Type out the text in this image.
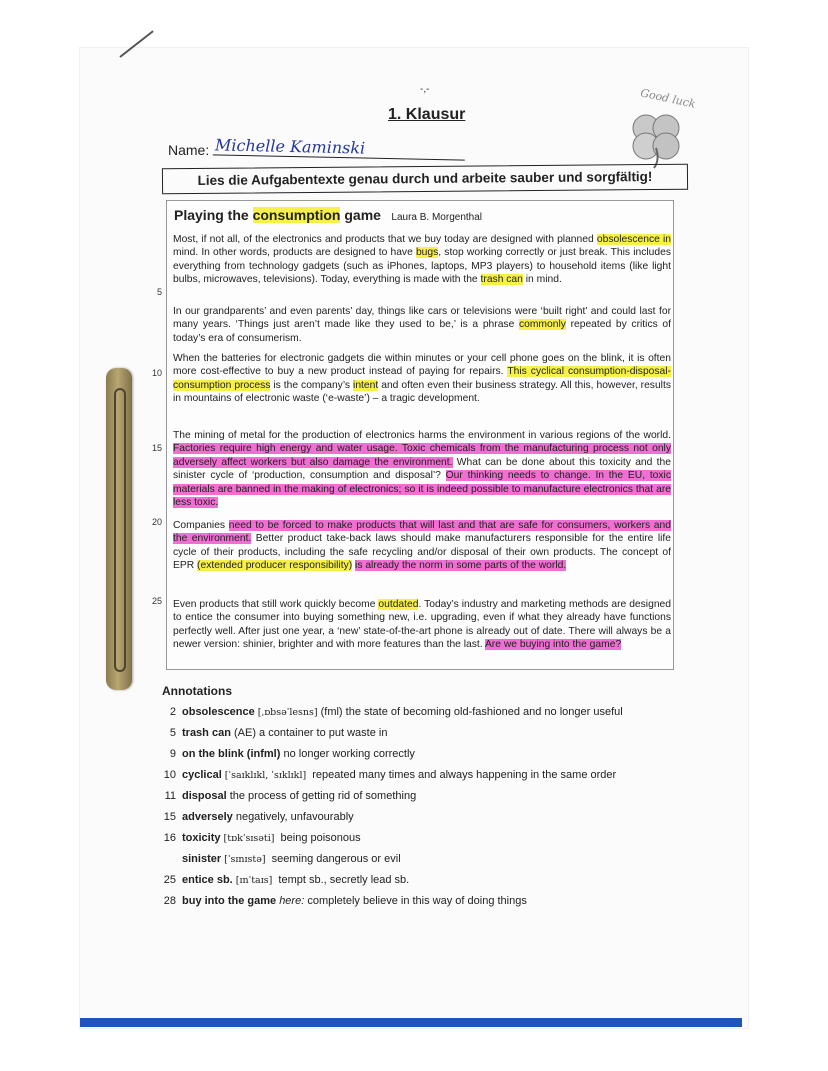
-,-
1. Klausur
Good luck
Name: Michelle Kaminski
Lies die Aufgabentexte genau durch und arbeite sauber und sorgfältig!
Playing the consumption game Laura B. Morgenthal
Most, if not all, of the electronics and products that we buy today are designed with planned obsolescence in mind. In other words, products are designed to have bugs, stop working correctly or just break. This includes everything from technology gadgets (such as iPhones, laptops, MP3 players) to household items (like light bulbs, microwaves, televisions). Today, everything is made with the trash can in mind.
In our grandparents’ and even parents’ day, things like cars or televisions were ‘built right’ and could last for many years. ‘Things just aren’t made like they used to be,’ is a phrase commonly repeated by critics of today’s era of consumerism.
When the batteries for electronic gadgets die within minutes or your cell phone goes on the blink, it is often more cost-effective to buy a new product instead of paying for repairs. This cyclical consumption-disposal-consumption process is the company’s intent and often even their business strategy. All this, however, results in mountains of electronic waste (‘e-waste’) – a tragic development.
The mining of metal for the production of electronics harms the environment in various regions of the world. Factories require high energy and water usage. Toxic chemicals from the manufacturing process not only adversely affect workers but also damage the environment. What can be done about this toxicity and the sinister cycle of ‘production, consumption and disposal’? Our thinking needs to change. In the EU, toxic materials are banned in the making of electronics; so it is indeed possible to manufacture electronics that are less toxic.
Companies need to be forced to make products that will last and that are safe for consumers, workers and the environment. Better product take-back laws should make manufacturers responsible for the entire life cycle of their products, including the safe recycling and/or disposal of their own products. The concept of EPR (extended producer responsibility) is already the norm in some parts of the world.
Even products that still work quickly become outdated. Today’s industry and marketing methods are designed to entice the consumer into buying something new, i.e. upgrading, even if what they already have functions perfectly well. After just one year, a ‘new’ state-of-the-art phone is already out of date. There will always be a newer version: shinier, brighter and with more features than the last. Are we buying into the game?
5
10
15
20
25
Annotations
2 obsolescence [ˌɒbsəˈlesns] (fml) the state of becoming old-fashioned and no longer useful
5 trash can (AE) a container to put waste in
9 on the blink (infml) no longer working correctly
10 cyclical [ˈsaɪklɪkl, ˈsɪklɪkl] repeated many times and always happening in the same order
11 disposal the process of getting rid of something
15 adversely negatively, unfavourably
16 toxicity [tɒkˈsɪsəti] being poisonous
sinister [ˈsɪnɪstə] seeming dangerous or evil
25 entice sb. [ɪnˈtaɪs] tempt sb., secretly lead sb.
28 buy into the game here: completely believe in this way of doing things
